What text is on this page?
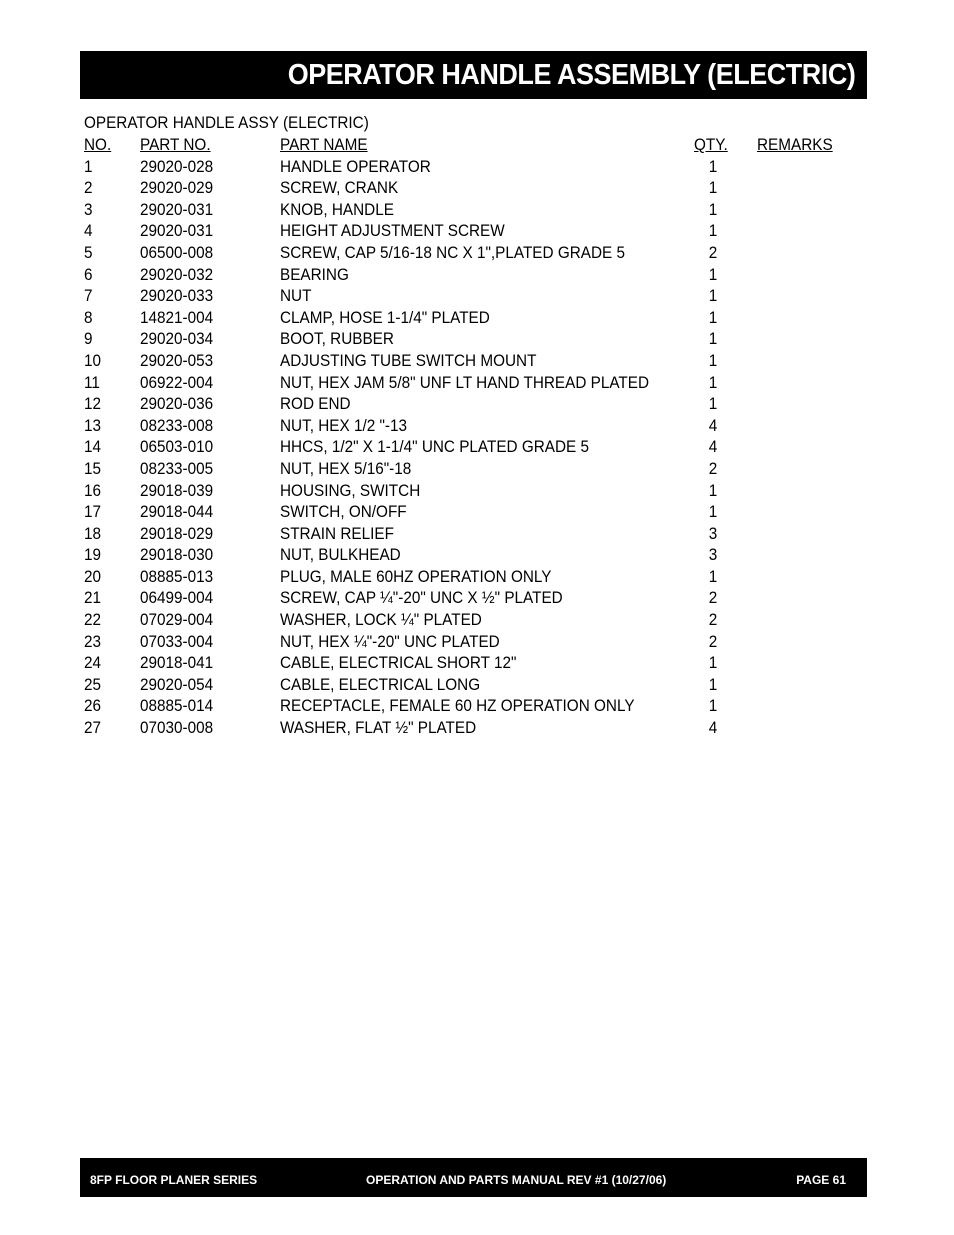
OPERATOR HANDLE ASSEMBLY (ELECTRIC)
OPERATOR HANDLE ASSY (ELECTRIC)
NO. PART NO.	PART NAME	QTY. REMARKS
1	29020-028	HANDLE OPERATOR	1
2	29020-029	SCREW, CRANK	1
3	29020-031	KNOB, HANDLE	1
4	29020-031	HEIGHT ADJUSTMENT SCREW	1
5	06500-008	SCREW, CAP 5/16-18 NC X 1",PLATED GRADE 5	2
6	29020-032	BEARING	1
7	29020-033	NUT	1
8	14821-004	CLAMP, HOSE 1-1/4" PLATED	1
9	29020-034	BOOT, RUBBER	1
10 29020-053	ADJUSTING TUBE SWITCH MOUNT	1
11 06922-004	NUT, HEX JAM 5/8" UNF LT HAND THREAD PLATED	1
12 29020-036	ROD END	1
13 08233-008	NUT, HEX 1/2 "-13	4
14 06503-010	HHCS, 1/2" X 1-1/4" UNC PLATED GRADE 5	4
15 08233-005	NUT, HEX 5/16"-18	2
16 29018-039	HOUSING, SWITCH	1
17 29018-044	SWITCH, ON/OFF	1
18 29018-029	STRAIN RELIEF	3
19 29018-030	NUT, BULKHEAD	3
20 08885-013	PLUG, MALE 60HZ OPERATION ONLY	1
21 06499-004	SCREW, CAP ¼"-20" UNC X ½" PLATED	2
22 07029-004	WASHER, LOCK ¼" PLATED	2
23 07033-004	NUT, HEX ¼"-20" UNC PLATED	2
24 29018-041	CABLE, ELECTRICAL SHORT 12"	1
25 29020-054	CABLE, ELECTRICAL LONG	1
26 08885-014	RECEPTACLE, FEMALE 60 HZ OPERATION ONLY	1
27 07030-008	WASHER, FLAT ½" PLATED	4
8FP FLOOR PLANER SERIES	OPERATION AND PARTS MANUAL REV #1 (10/27/06)	PAGE 61
